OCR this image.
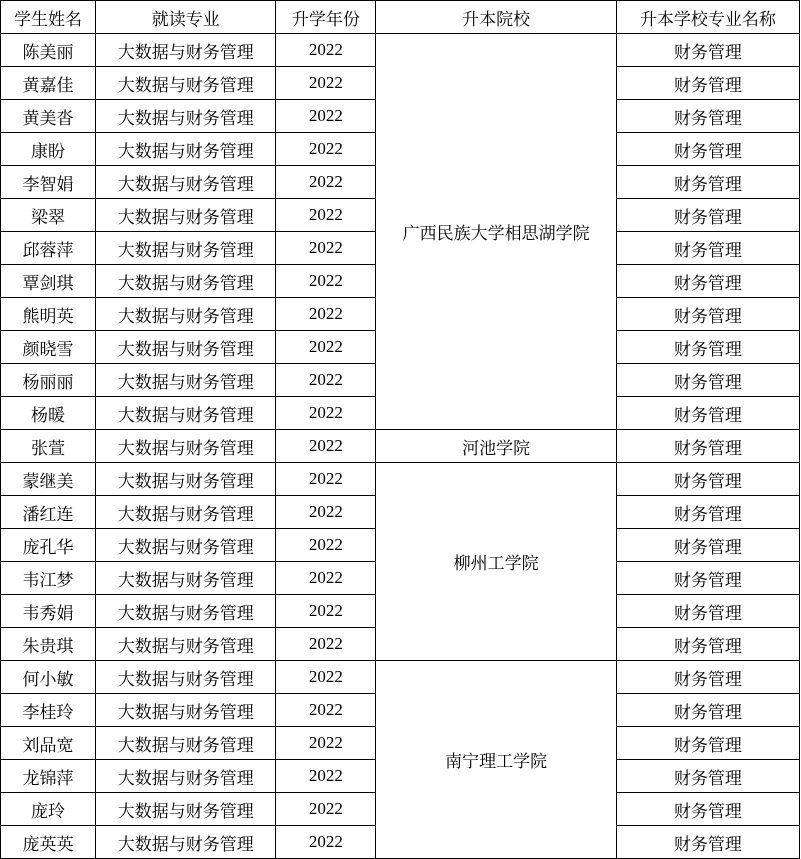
学生姓名	就读专业	升学年份	升本院校	升本学校专业名称
陈美丽	大数据与财务管理	2022	广西民族大学相思湖学院	财务管理
黄嘉佳	大数据与财务管理	2022		财务管理
黄美沓	大数据与财务管理	2022		财务管理
康盼	大数据与财务管理	2022		财务管理
李智娟	大数据与财务管理	2022		财务管理
梁翠	大数据与财务管理	2022		财务管理
邱蓉萍	大数据与财务管理	2022		财务管理
覃剑琪	大数据与财务管理	2022		财务管理
熊明英	大数据与财务管理	2022		财务管理
颜晓雪	大数据与财务管理	2022		财务管理
杨丽丽	大数据与财务管理	2022		财务管理
杨暖	大数据与财务管理	2022		财务管理
张萱	大数据与财务管理	2022	河池学院	财务管理
蒙继美	大数据与财务管理	2022	柳州工学院	财务管理
潘红连	大数据与财务管理	2022		财务管理
庞孔华	大数据与财务管理	2022		财务管理
韦江梦	大数据与财务管理	2022		财务管理
韦秀娟	大数据与财务管理	2022		财务管理
朱贵琪	大数据与财务管理	2022		财务管理
何小敏	大数据与财务管理	2022	南宁理工学院	财务管理
李桂玲	大数据与财务管理	2022		财务管理
刘品宽	大数据与财务管理	2022		财务管理
龙锦萍	大数据与财务管理	2022		财务管理
庞玲	大数据与财务管理	2022		财务管理
庞英英	大数据与财务管理	2022		财务管理
